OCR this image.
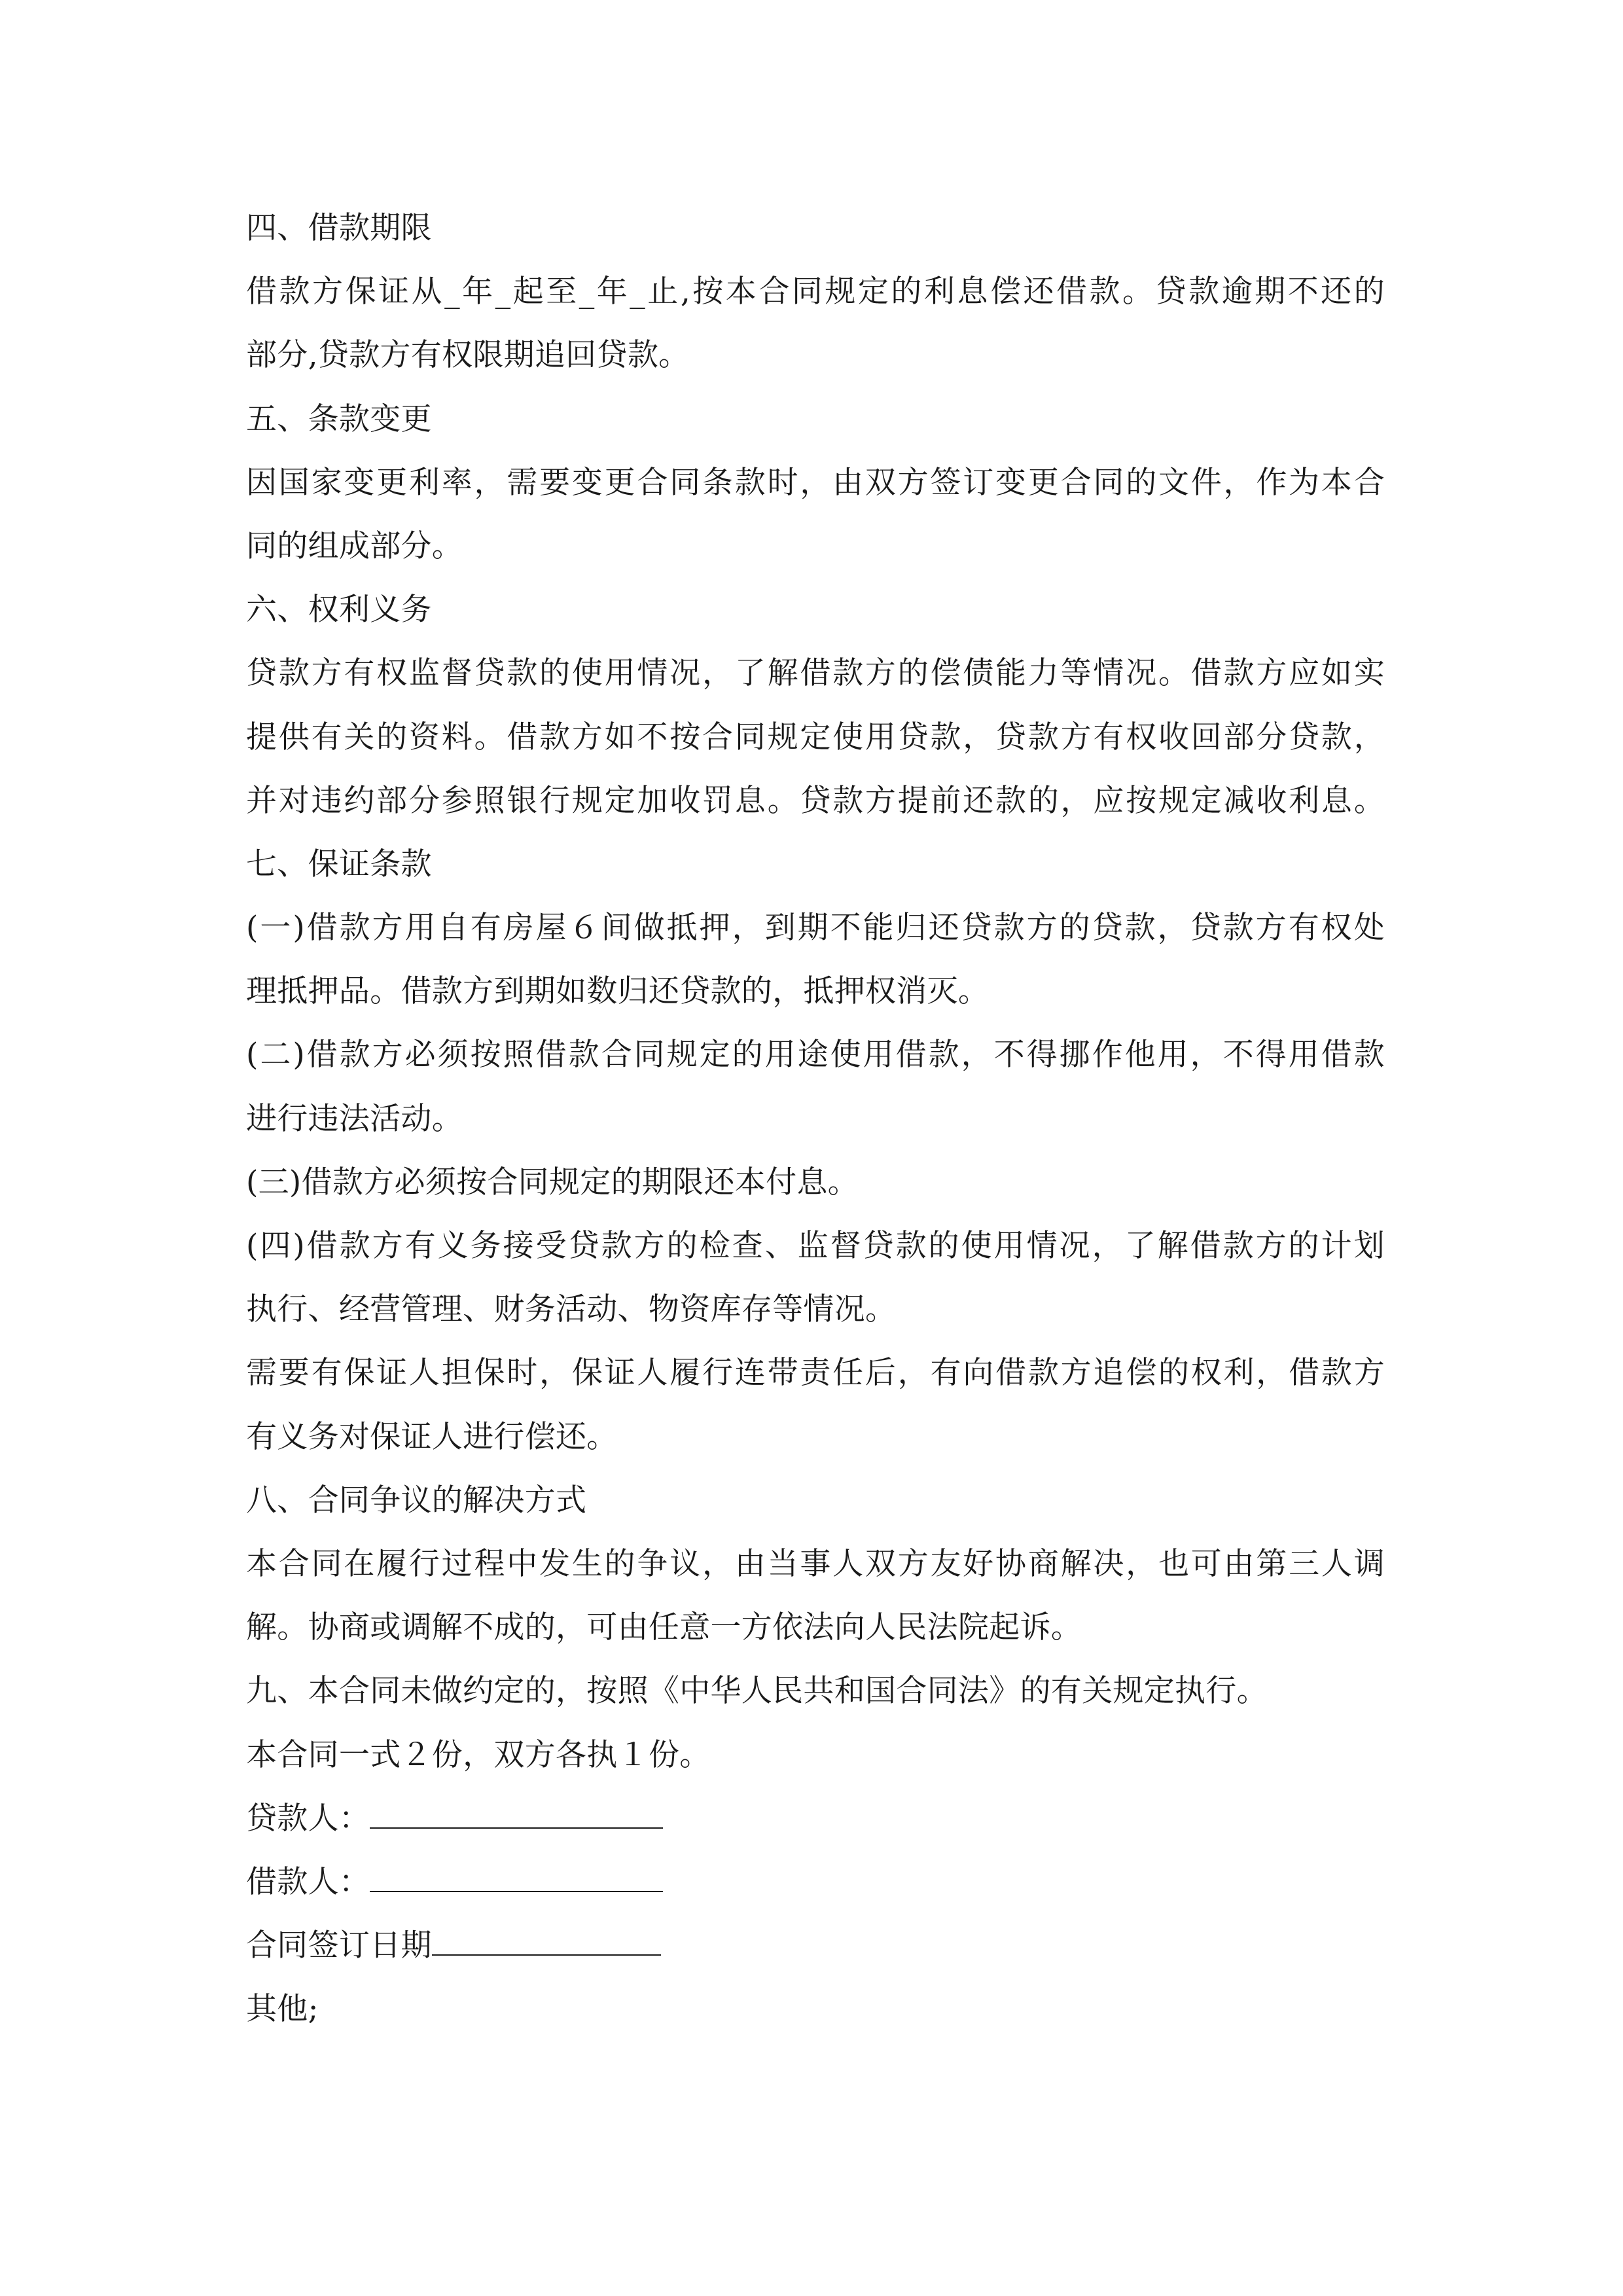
四、借款期限
借款方保证从_年_起至_年_止,按本合同规定的利息偿还借款。贷款逾期不还的
部分,贷款方有权限期追回贷款。
五、条款变更
因国家变更利率，需要变更合同条款时，由双方签订变更合同的文件，作为本合
同的组成部分。
六、权利义务
贷款方有权监督贷款的使用情况，了解借款方的偿债能力等情况。借款方应如实
提供有关的资料。借款方如不按合同规定使用贷款，贷款方有权收回部分贷款，
并对违约部分参照银行规定加收罚息。贷款方提前还款的，应按规定减收利息。
七、保证条款
(一)借款方用自有房屋６间做抵押，到期不能归还贷款方的贷款，贷款方有权处
理抵押品。借款方到期如数归还贷款的，抵押权消灭。
(二)借款方必须按照借款合同规定的用途使用借款，不得挪作他用，不得用借款
进行违法活动。
(三)借款方必须按合同规定的期限还本付息。
(四)借款方有义务接受贷款方的检查、监督贷款的使用情况，了解借款方的计划
执行、经营管理、财务活动、物资库存等情况。
需要有保证人担保时，保证人履行连带责任后，有向借款方追偿的权利，借款方
有义务对保证人进行偿还。
八、合同争议的解决方式
本合同在履行过程中发生的争议，由当事人双方友好协商解决，也可由第三人调
解。协商或调解不成的，可由任意一方依法向人民法院起诉。
九、本合同未做约定的，按照《中华人民共和国合同法》的有关规定执行。
本合同一式２份，双方各执１份。
贷款人：
借款人：
合同签订日期
其他;
